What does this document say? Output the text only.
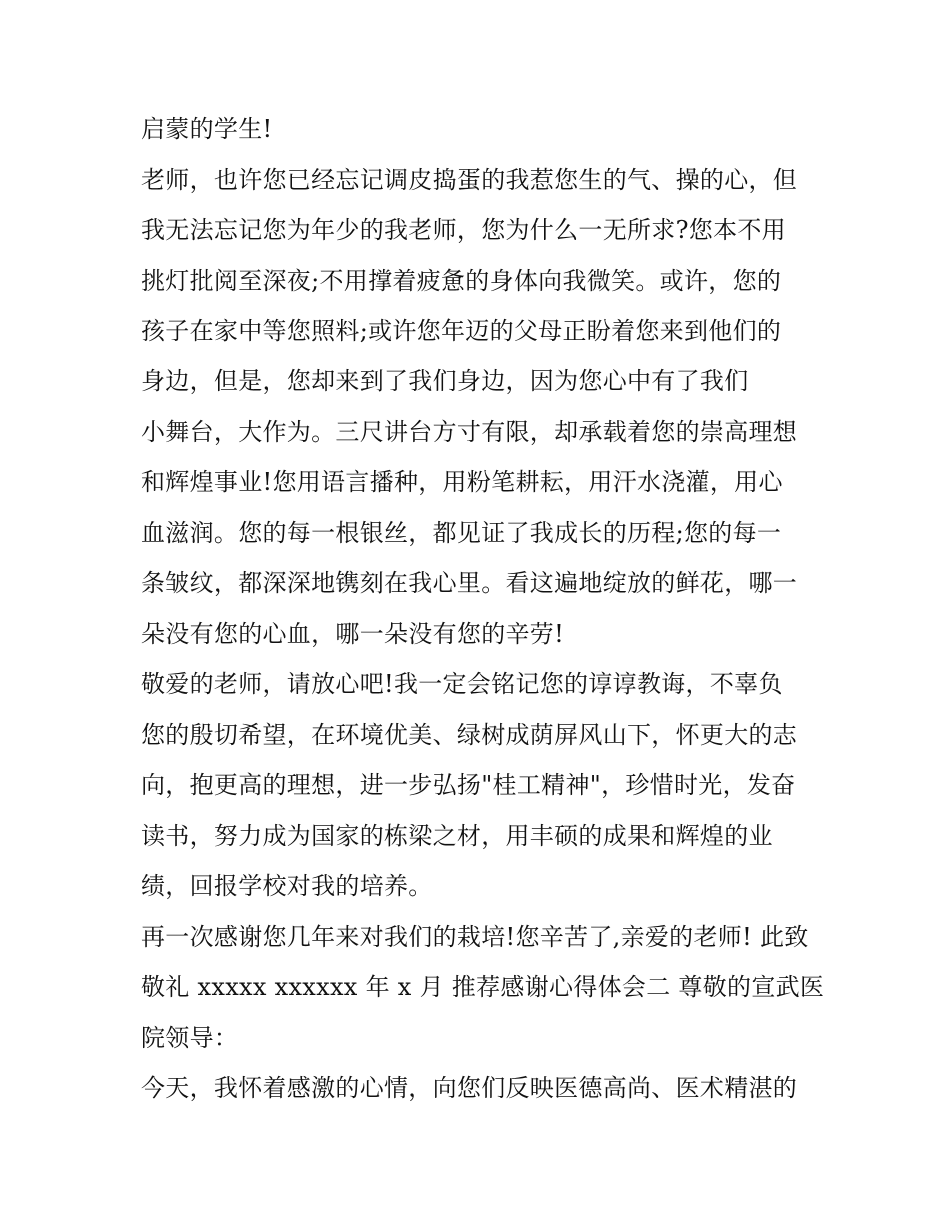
启蒙的学生!

老师，也许您已经忘记调皮捣蛋的我惹您生的气、操的心，但

我无法忘记您为年少的我老师，您为什么一无所求?您本不用

挑灯批阅至深夜;不用撑着疲惫的身体向我微笑。或许，您的

孩子在家中等您照料;或许您年迈的父母正盼着您来到他们的

身边，但是，您却来到了我们身边，因为您心中有了我们

小舞台，大作为。三尺讲台方寸有限，却承载着您的崇高理想

和辉煌事业!您用语言播种，用粉笔耕耘，用汗水浇灌，用心

血滋润。您的每一根银丝，都见证了我成长的历程;您的每一

条皱纹，都深深地镌刻在我心里。看这遍地绽放的鲜花，哪一

朵没有您的心血，哪一朵没有您的辛劳!

敬爱的老师，请放心吧!我一定会铭记您的谆谆教诲，不辜负

您的殷切希望，在环境优美、绿树成荫屏风山下，怀更大的志

向，抱更高的理想，进一步弘扬"桂工精神"，珍惜时光，发奋

读书，努力成为国家的栋梁之材，用丰硕的成果和辉煌的业

绩，回报学校对我的培养。

再一次感谢您几年来对我们的栽培!您辛苦了,亲爱的老师! 此致

敬礼 xxxxx xxxxxx 年 x 月 推荐感谢心得体会二 尊敬的宣武医

院领导：

今天，我怀着感激的心情，向您们反映医德高尚、医术精湛的
